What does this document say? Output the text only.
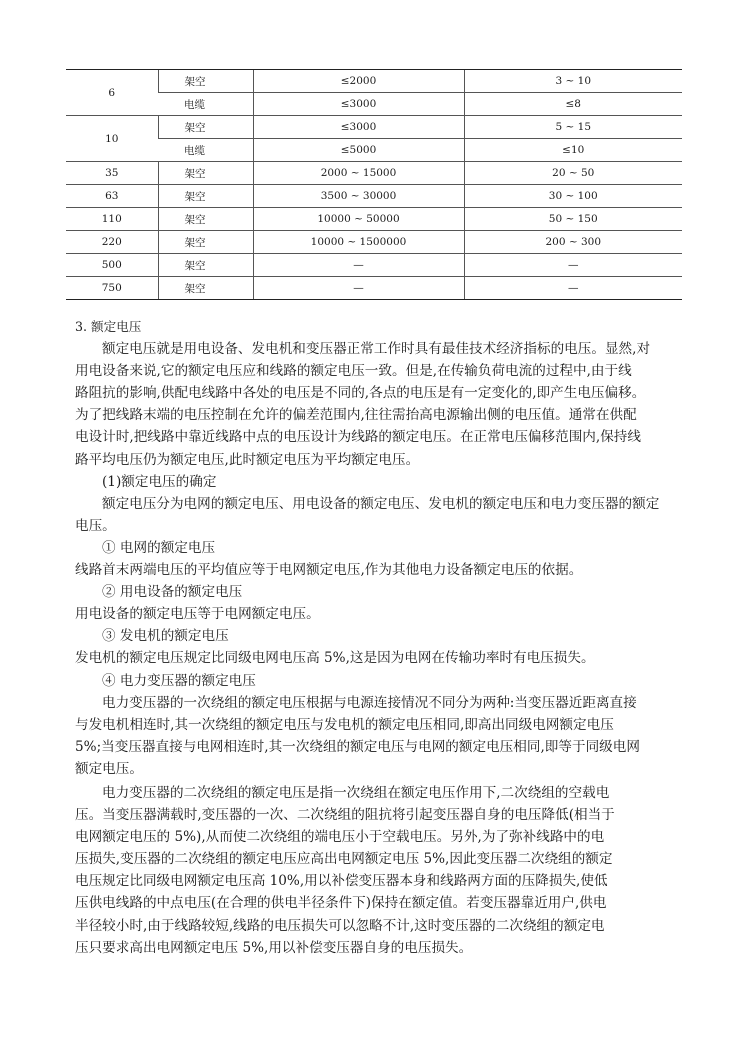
6	架空	≤2000	3 ~ 10
	电缆	≤3000	≤8
10	架空	≤3000	5 ~ 15
	电缆	≤5000	≤10
35	架空	2000 ~ 15000	20 ~ 50
63	架空	3500 ~ 30000	30 ~ 100
110	架空	10000 ~ 50000	50 ~ 150
220	架空	10000 ~ 1500000	200 ~ 300
500	架空	—	—
750	架空	—	—

3. 额定电压

额定电压就是用电设备、发电机和变压器正常工作时具有最佳技术经济指标的电压。显然,对

用电设备来说,它的额定电压应和线路的额定电压一致。但是,在传输负荷电流的过程中,由于线

路阻抗的影响,供配电线路中各处的电压是不同的,各点的电压是有一定变化的,即产生电压偏移。

为了把线路末端的电压控制在允许的偏差范围内,往往需抬高电源输出侧的电压值。通常在供配

电设计时,把线路中靠近线路中点的电压设计为线路的额定电压。在正常电压偏移范围内,保持线

路平均电压仍为额定电压,此时额定电压为平均额定电压。

(1)额定电压的确定

额定电压分为电网的额定电压、用电设备的额定电压、发电机的额定电压和电力变压器的额定

电压。

① 电网的额定电压

线路首末两端电压的平均值应等于电网额定电压,作为其他电力设备额定电压的依据。

② 用电设备的额定电压

用电设备的额定电压等于电网额定电压。

③ 发电机的额定电压

发电机的额定电压规定比同级电网电压高 5%,这是因为电网在传输功率时有电压损失。

④ 电力变压器的额定电压

电力变压器的一次绕组的额定电压根据与电源连接情况不同分为两种:当变压器近距离直接

与发电机相连时,其一次绕组的额定电压与发电机的额定电压相同,即高出同级电网额定电压

5%;当变压器直接与电网相连时,其一次绕组的额定电压与电网的额定电压相同,即等于同级电网

额定电压。

电力变压器的二次绕组的额定电压是指一次绕组在额定电压作用下,二次绕组的空载电

压。当变压器满载时,变压器的一次、二次绕组的阻抗将引起变压器自身的电压降低(相当于

电网额定电压的 5%),从而使二次绕组的端电压小于空载电压。另外,为了弥补线路中的电

压损失,变压器的二次绕组的额定电压应高出电网额定电压 5%,因此变压器二次绕组的额定

电压规定比同级电网额定电压高 10%,用以补偿变压器本身和线路两方面的压降损失,使低

压供电线路的中点电压(在合理的供电半径条件下)保持在额定值。若变压器靠近用户,供电

半径较小时,由于线路较短,线路的电压损失可以忽略不计,这时变压器的二次绕组的额定电

压只要求高出电网额定电压 5%,用以补偿变压器自身的电压损失。
